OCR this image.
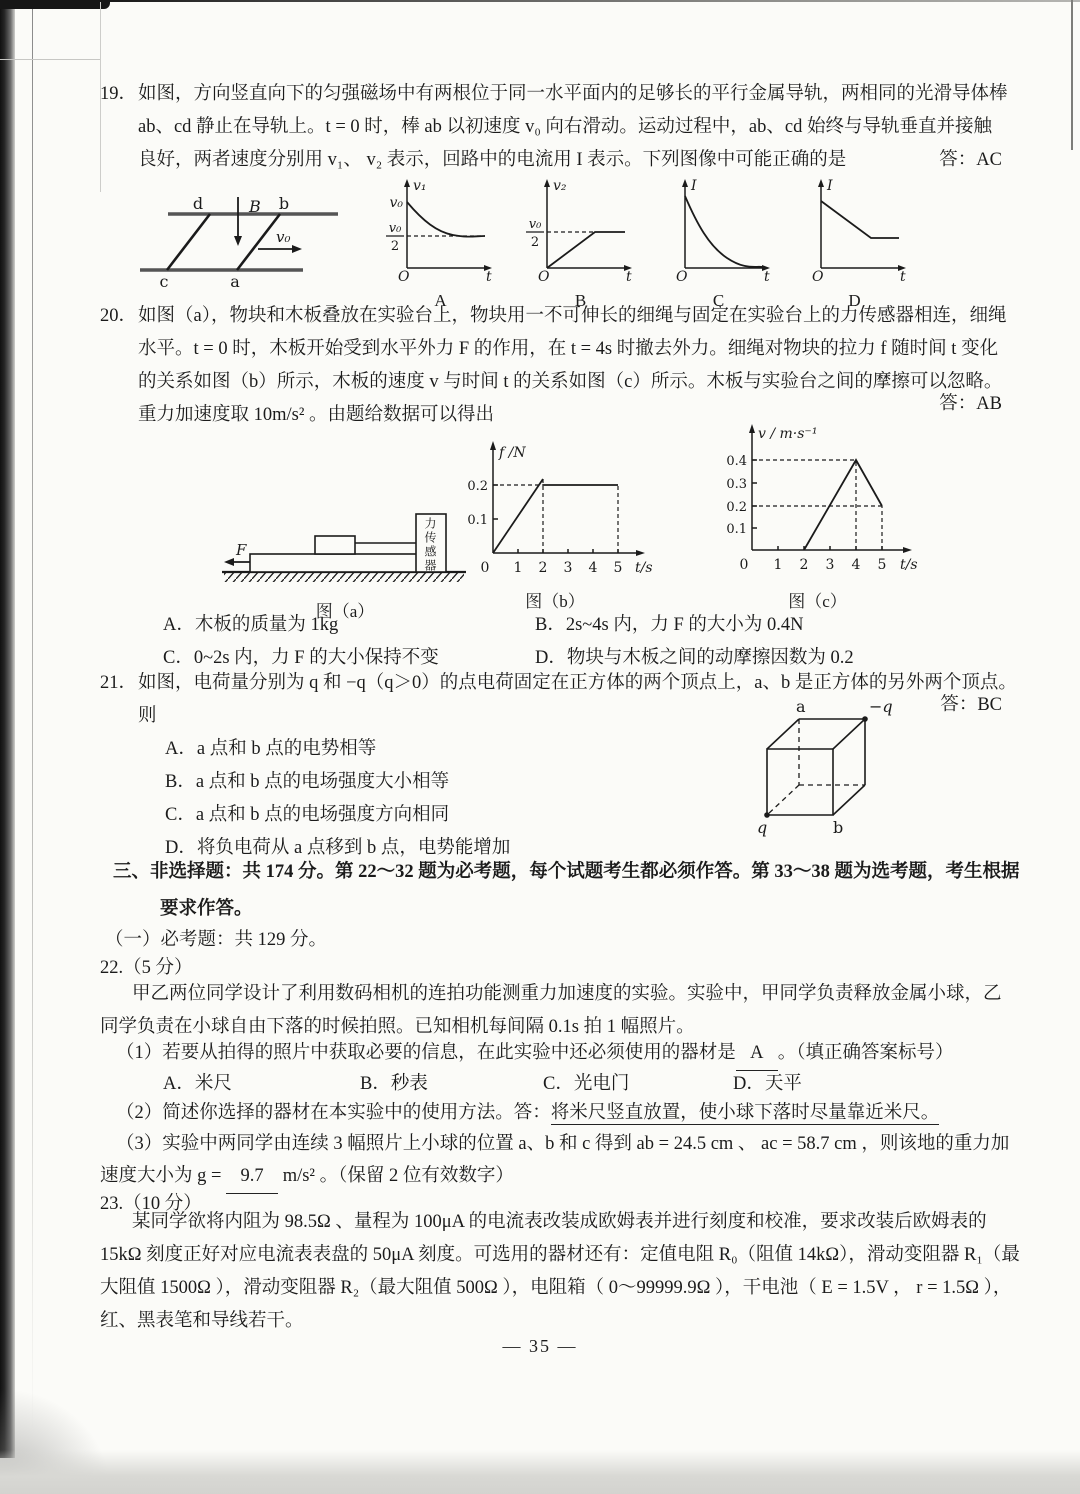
19．如图，方向竖直向下的匀强磁场中有两根位于同一水平面内的足够长的平行金属导轨，两相同的光滑导体棒
ab、cd 静止在导轨上。t = 0 时，棒 ab 以初速度 v₀ 向右滑动。运动过程中，ab、cd 始终与导轨垂直并接触
良好，两者速度分别用 v₁、 v₂ 表示，回路中的电流用 I 表示。下列图像中可能正确的是	答：AC
d	B b
v₀
c	a
v₁
v₀
v₀
2
O	t
A
v₂
v₀
2
O	t
B
I
O	t
C
I
O	t
D
20．如图（a），物块和木板叠放在实验台上，物块用一不可伸长的细绳与固定在实验台上的力传感器相连，细绳
水平。t = 0 时，木板开始受到水平外力 F 的作用，在 t = 4s 时撤去外力。细绳对物块的拉力 f 随时间 t 变化
的关系如图（b）所示，木板的速度 v 与时间 t 的关系如图（c）所示。木板与实验台之间的摩擦可以忽略。
重力加速度取 10m/s² 。由题给数据可以得出
答：AB
F	力传感器
图（a）
f /N
0.2
0.1
0 1 2 3 4 5 t/s
图（b）
v / m·s⁻¹
0.4
0.3
0.2
0.1
0 1 2 3 4 5 t/s
图（c）
A．木板的质量为 1kg	B．2s~4s 内，力 F 的大小为 0.4N
C．0~2s 内，力 F 的大小保持不变	D．物块与木板之间的动摩擦因数为 0.2
21．如图，电荷量分别为 q 和 −q（q＞0）的点电荷固定在正方体的两个顶点上，a、b 是正方体的另外两个顶点。
则
A．a 点和 b 点的电势相等
B．a 点和 b 点的电场强度大小相等
C．a 点和 b 点的电场强度方向相同
D．将负电荷从 a 点移到 b 点，电势能增加
答：BC
a	−q
q	b
三、非选择题：共 174 分。第 22～32 题为必考题，每个试题考生都必须作答。第 33～38 题为选考题，考生根据
要求作答。
（一）必考题：共 129 分。
22.（5 分）
甲乙两位同学设计了利用数码相机的连拍功能测重力加速度的实验。实验中，甲同学负责释放金属小球，乙
同学负责在小球自由下落的时候拍照。已知相机每间隔 0.1s 拍 1 幅照片。
（1）若要从拍得的照片中获取必要的信息，在此实验中还必须使用的器材是 A 。（填正确答案标号）
A．米尺	B．秒表	C．光电门	D．天平
（2）简述你选择的器材在本实验中的使用方法。答：将米尺竖直放置，使小球下落时尽量靠近米尺。
（3）实验中两同学由连续 3 幅照片上小球的位置 a、b 和 c 得到 ab = 24.5 cm 、 ac = 58.7 cm ，则该地的重力加
速度大小为 g = 9.7 m/s² 。（保留 2 位有效数字）
23.（10 分）
某同学欲将内阻为 98.5Ω 、量程为 100μA 的电流表改装成欧姆表并进行刻度和校准，要求改装后欧姆表的
15kΩ 刻度正好对应电流表表盘的 50μA 刻度。可选用的器材还有：定值电阻 R₀（阻值 14kΩ），滑动变阻器 R₁（最
大阻值 1500Ω ），滑动变阻器 R₂（最大阻值 500Ω ），电阻箱（ 0～99999.9Ω ），干电池（ E = 1.5V ， r = 1.5Ω ），
红、黑表笔和导线若干。
— 35 —
